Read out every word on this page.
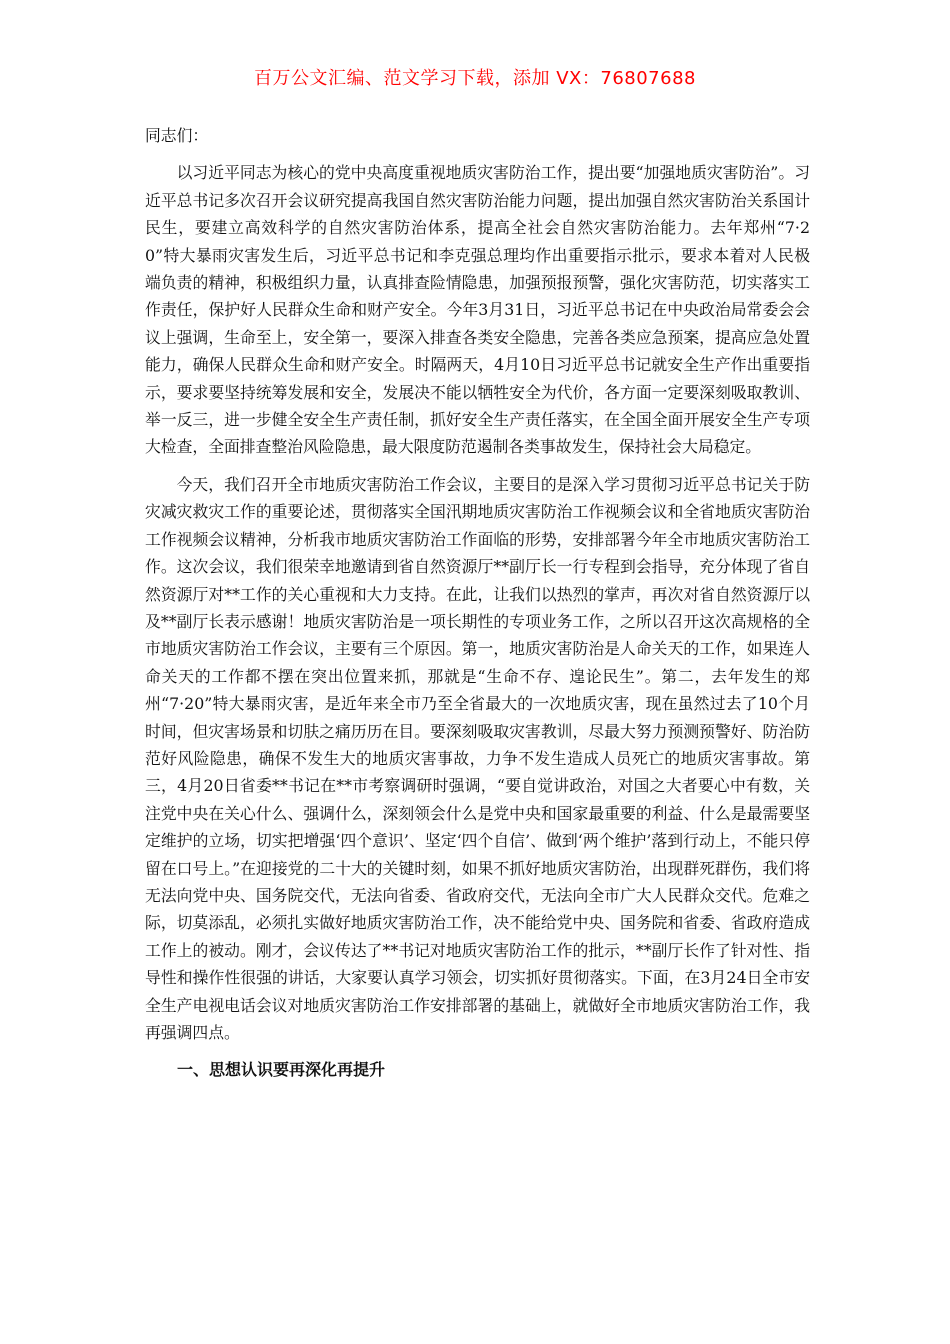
百万公文汇编、范文学习下载，添加 VX：76807688

同志们：

以习近平同志为核心的党中央高度重视地质灾害防治工作，提出要“加强地质灾害防治”。习近平总书记多次召开会议研究提高我国自然灾害防治能力问题，提出加强自然灾害防治关系国计民生，要建立高效科学的自然灾害防治体系，提高全社会自然灾害防治能力。去年郑州“7·20”特大暴雨灾害发生后，习近平总书记和李克强总理均作出重要指示批示，要求本着对人民极端负责的精神，积极组织力量，认真排查险情隐患，加强预报预警，强化灾害防范，切实落实工作责任，保护好人民群众生命和财产安全。今年3月31日，习近平总书记在中央政治局常委会会议上强调，生命至上，安全第一，要深入排查各类安全隐患，完善各类应急预案，提高应急处置能力，确保人民群众生命和财产安全。时隔两天，4月10日习近平总书记就安全生产作出重要指示，要求要坚持统筹发展和安全，发展决不能以牺牲安全为代价，各方面一定要深刻吸取教训、举一反三，进一步健全安全生产责任制，抓好安全生产责任落实，在全国全面开展安全生产专项大检查，全面排查整治风险隐患，最大限度防范遏制各类事故发生，保持社会大局稳定。

今天，我们召开全市地质灾害防治工作会议，主要目的是深入学习贯彻习近平总书记关于防灾减灾救灾工作的重要论述，贯彻落实全国汛期地质灾害防治工作视频会议和全省地质灾害防治工作视频会议精神，分析我市地质灾害防治工作面临的形势，安排部署今年全市地质灾害防治工作。这次会议，我们很荣幸地邀请到省自然资源厅**副厅长一行专程到会指导，充分体现了省自然资源厅对**工作的关心重视和大力支持。在此，让我们以热烈的掌声，再次对省自然资源厅以及**副厅长表示感谢！地质灾害防治是一项长期性的专项业务工作，之所以召开这次高规格的全市地质灾害防治工作会议，主要有三个原因。第一，地质灾害防治是人命关天的工作，如果连人命关天的工作都不摆在突出位置来抓，那就是“生命不存、遑论民生”。第二，去年发生的郑州“7·20”特大暴雨灾害，是近年来全市乃至全省最大的一次地质灾害，现在虽然过去了10个月时间，但灾害场景和切肤之痛历历在目。要深刻吸取灾害教训，尽最大努力预测预警好、防治防范好风险隐患，确保不发生大的地质灾害事故，力争不发生造成人员死亡的地质灾害事故。第三，4月20日省委**书记在**市考察调研时强调，“要自觉讲政治，对国之大者要心中有数，关注党中央在关心什么、强调什么，深刻领会什么是党中央和国家最重要的利益、什么是最需要坚定维护的立场，切实把增强‘四个意识’、坚定‘四个自信’、做到‘两个维护’落到行动上，不能只停留在口号上。”在迎接党的二十大的关键时刻，如果不抓好地质灾害防治，出现群死群伤，我们将无法向党中央、国务院交代，无法向省委、省政府交代，无法向全市广大人民群众交代。危难之际，切莫添乱，必须扎实做好地质灾害防治工作，决不能给党中央、国务院和省委、省政府造成工作上的被动。刚才，会议传达了**书记对地质灾害防治工作的批示，**副厅长作了针对性、指导性和操作性很强的讲话，大家要认真学习领会，切实抓好贯彻落实。下面，在3月24日全市安全生产电视电话会议对地质灾害防治工作安排部署的基础上，就做好全市地质灾害防治工作，我再强调四点。

一、思想认识要再深化再提升
